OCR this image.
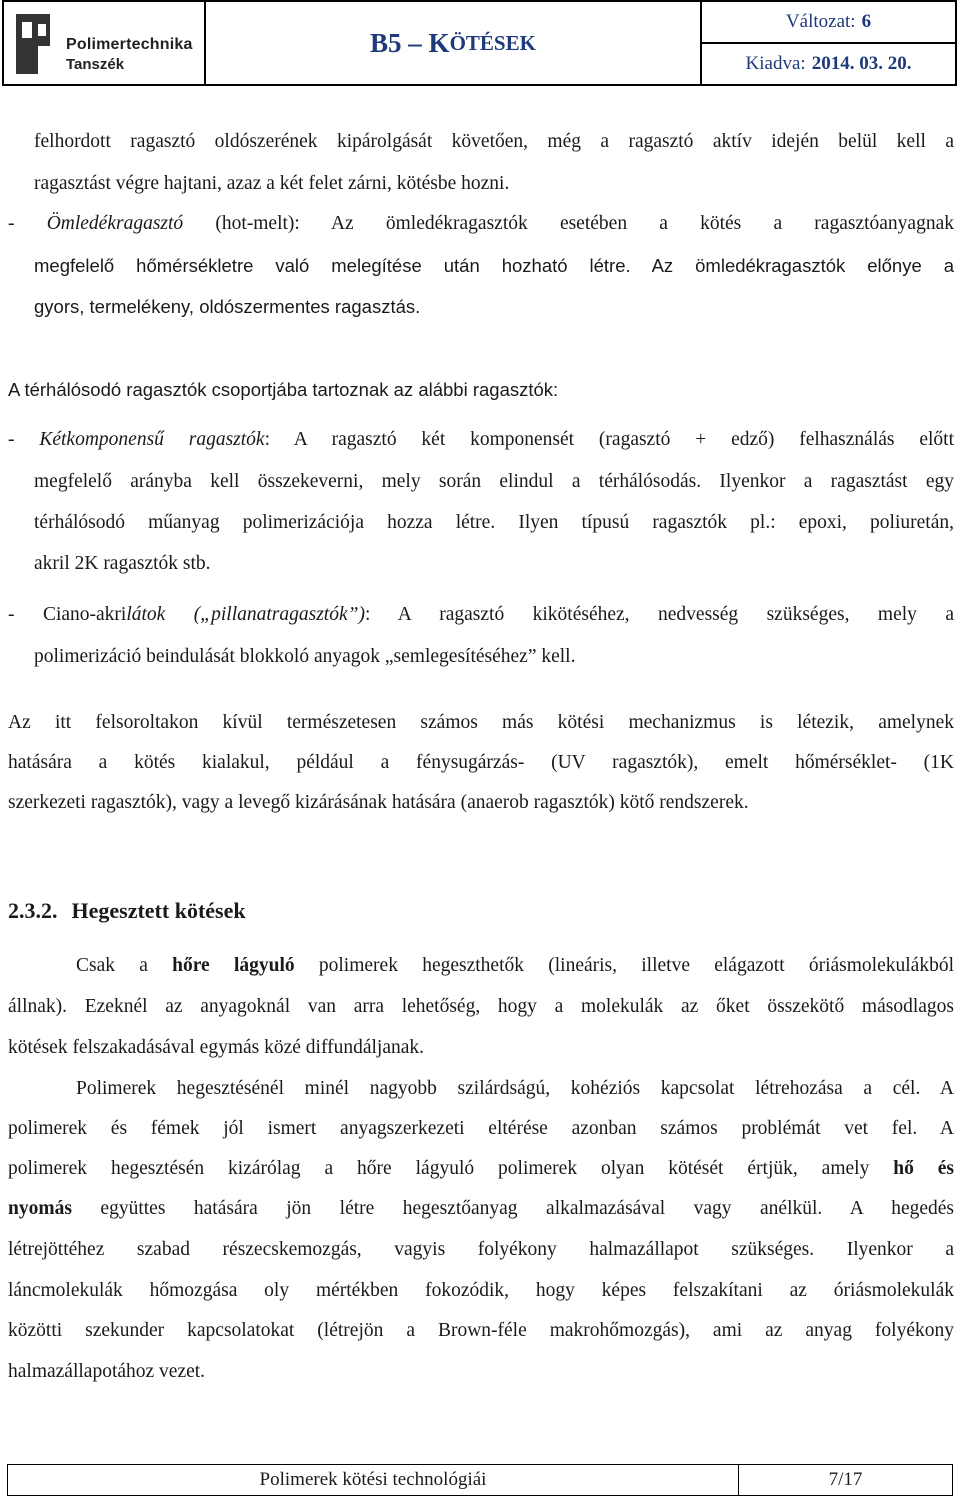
Polimertechnika
Tanszék
B5 – K ÖTÉSEK
Változat: 6
Kiadva: 2014. 03. 20.
felhordott ragasztó oldószerének kipárolgását követően, még a ragasztó aktív idején belül kell a
ragasztást végre hajtani, azaz a két felet zárni, kötésbe hozni.
- Ömledékragasztó (hot-melt): Az ömledékragasztók esetében a kötés a ragasztóanyagnak
megfelelő hőmérsékletre való melegítése után hozható létre. Az ömledékragasztók előnye a
gyors, termelékeny, oldószermentes ragasztás.
A térhálósodó ragasztók csoportjába tartoznak az alábbi ragasztók:
- Kétkomponensű ragasztók: A ragasztó két komponensét (ragasztó + edző) felhasználás előtt
megfelelő arányba kell összekeverni, mely során elindul a térhálósodás. Ilyenkor a ragasztást egy
térhálósodó műanyag polimerizációja hozza létre. Ilyen típusú ragasztók pl.: epoxi, poliuretán,
akril 2K ragasztók stb.
- Ciano-akrilátok („pillanatragasztók”): A ragasztó kikötéséhez, nedvesség szükséges, mely a
polimerizáció beindulását blokkoló anyagok „semlegesítéséhez” kell.
Az itt felsoroltakon kívül természetesen számos más kötési mechanizmus is létezik, amelynek
hatására a kötés kialakul, például a fénysugárzás- (UV ragasztók), emelt hőmérséklet- (1K
szerkezeti ragasztók), vagy a levegő kizárásának hatására (anaerob ragasztók) kötő rendszerek.
2.3.2. Hegesztett kötések
Csak a hőre lágyuló polimerek hegeszthetők (lineáris, illetve elágazott óriásmolekulákból
állnak). Ezeknél az anyagoknál van arra lehetőség, hogy a molekulák az őket összekötő másodlagos
kötések felszakadásával egymás közé diffundáljanak.
Polimerek hegesztésénél minél nagyobb szilárdságú, kohéziós kapcsolat létrehozása a cél. A
polimerek és fémek jól ismert anyagszerkezeti eltérése azonban számos problémát vet fel. A
polimerek hegesztésén kizárólag a hőre lágyuló polimerek olyan kötését értjük, amely hő és
nyomás együttes hatására jön létre hegesztőanyag alkalmazásával vagy anélkül. A hegedés
létrejöttéhez szabad részecskemozgás, vagyis folyékony halmazállapot szükséges. Ilyenkor a
láncmolekulák hőmozgása oly mértékben fokozódik, hogy képes felszakítani az óriásmolekulák
közötti szekunder kapcsolatokat (létrejön a Brown-féle makrohőmozgás), ami az anyag folyékony
halmazállapotához vezet.
Polimerek kötési technológiái	7/17
